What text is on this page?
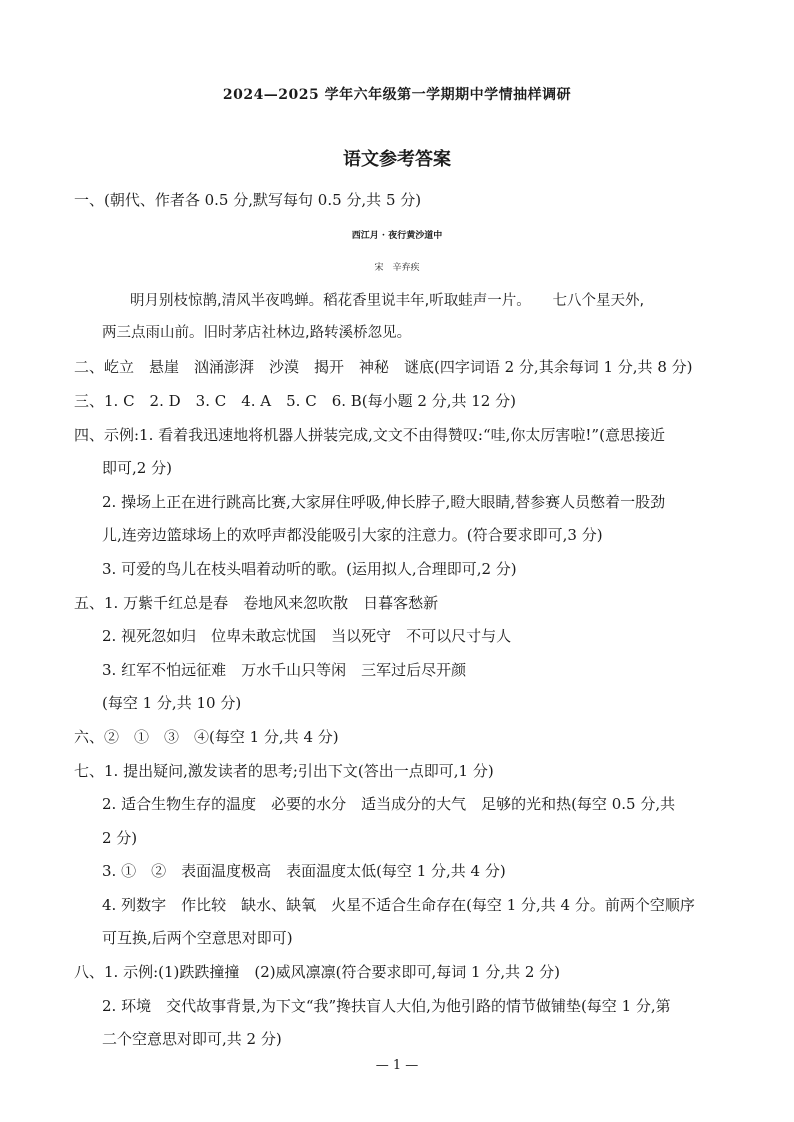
2024—2025 学年六年级第一学期期中学情抽样调研
语文参考答案
一、(朝代、作者各 0.5 分,默写每句 0.5 分,共 5 分)
西江月 · 夜行黄沙道中
宋　辛弃疾
明月别枝惊鹊,清风半夜鸣蝉。稻花香里说丰年,听取蛙声一片。　　七八个星天外,
两三点雨山前。旧时茅店社林边,路转溪桥忽见。
二、屹立　悬崖　汹涌澎湃　沙漠　揭开　神秘　谜底(四字词语 2 分,其余每词 1 分,共 8 分)
三、1. C　2. D　3. C　4. A　5. C　6. B(每小题 2 分,共 12 分)
四、示例:1. 看着我迅速地将机器人拼装完成,文文不由得赞叹:“哇,你太厉害啦!”(意思接近
即可,2 分)
2. 操场上正在进行跳高比赛,大家屏住呼吸,伸长脖子,瞪大眼睛,替参赛人员憋着一股劲
儿,连旁边篮球场上的欢呼声都没能吸引大家的注意力。(符合要求即可,3 分)
3. 可爱的鸟儿在枝头唱着动听的歌。(运用拟人,合理即可,2 分)
五、1. 万紫千红总是春　卷地风来忽吹散　日暮客愁新
2. 视死忽如归　位卑未敢忘忧国　当以死守　不可以尺寸与人
3. 红军不怕远征难　万水千山只等闲　三军过后尽开颜
(每空 1 分,共 10 分)
六、②　①　③　④(每空 1 分,共 4 分)
七、1. 提出疑问,激发读者的思考;引出下文(答出一点即可,1 分)
2. 适合生物生存的温度　必要的水分　适当成分的大气　足够的光和热(每空 0.5 分,共
2 分)
3. ①　②　表面温度极高　表面温度太低(每空 1 分,共 4 分)
4. 列数字　作比较　缺水、缺氧　火星不适合生命存在(每空 1 分,共 4 分。前两个空顺序
可互换,后两个空意思对即可)
八、1. 示例:(1)跌跌撞撞　(2)威风凛凛(符合要求即可,每词 1 分,共 2 分)
2. 环境　交代故事背景,为下文“我”搀扶盲人大伯,为他引路的情节做铺垫(每空 1 分,第
二个空意思对即可,共 2 分)
— 1 —
